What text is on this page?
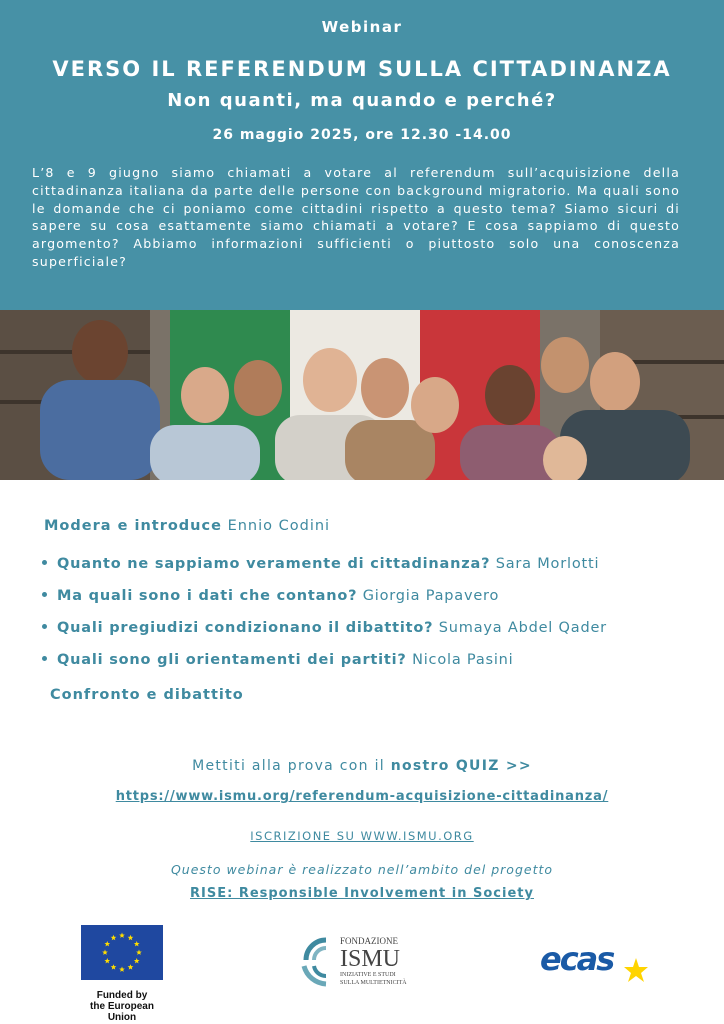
Webinar
VERSO IL REFERENDUM SULLA CITTADINANZA
Non quanti, ma quando e perché?
26 maggio 2025, ore 12.30 -14.00

L’8 e 9 giugno siamo chiamati a votare al referendum sull’acquisizione della cittadinanza italiana da parte delle persone con background migratorio. Ma quali sono le domande che ci poniamo come cittadini rispetto a questo tema? Siamo sicuri di sapere su cosa esattamente siamo chiamati a votare? E cosa sappiamo di questo argomento? Abbiamo informazioni sufficienti o piuttosto solo una conoscenza superficiale?

Modera e introduce Ennio Codini
Quanto ne sappiamo veramente di cittadinanza? Sara Morlotti
Ma quali sono i dati che contano? Giorgia Papavero
Quali pregiudizi condizionano il dibattito? Sumaya Abdel Qader
Quali sono gli orientamenti dei partiti? Nicola Pasini
Confronto e dibattito
Mettiti alla prova con il nostro QUIZ >>
https://www.ismu.org/referendum-acquisizione-cittadinanza/
ISCRIZIONE SU WWW.ISMU.ORG
Questo webinar è realizzato nell’ambito del progetto
RISE: Responsible Involvement in Society
Funded by
the European Union
FONDAZIONE
ISMU
INIZIATIVE E STUDI
SULLA MULTIETNICITÀ
ecas
